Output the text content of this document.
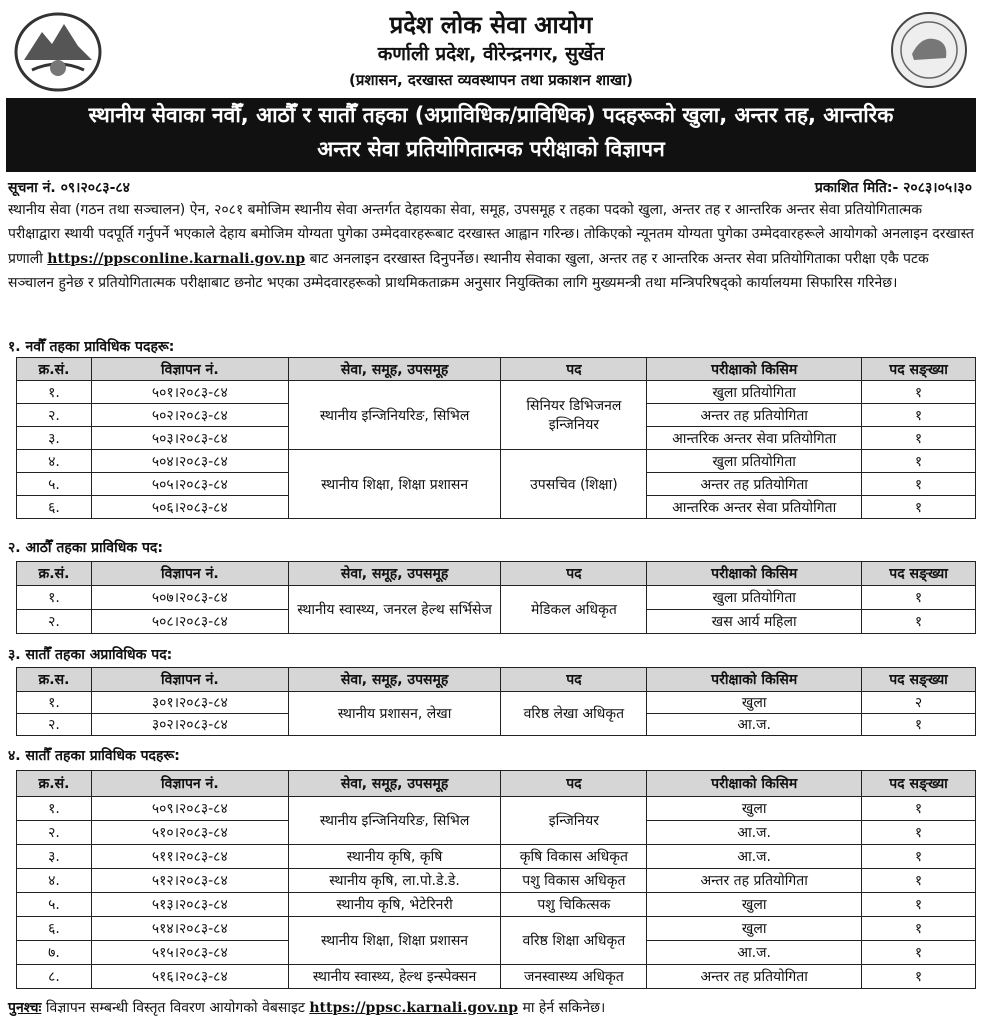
प्रदेश लोक सेवा आयोग
कर्णाली प्रदेश, वीरेन्द्रनगर, सुर्खेत
(प्रशासन, दरखास्त व्यवस्थापन तथा प्रकाशन शाखा)
स्थानीय सेवाका नवौँ, आठौँ र सातौँ तहका (अप्राविधिक/प्राविधिक) पदहरूको खुला, अन्तर तह, आन्तरिक
अन्तर सेवा प्रतियोगितात्मक परीक्षाको विज्ञापन
सूचना नं. ०९।२०८३-८४	प्रकाशित मिति:- २०८३।०५।३०
स्थानीय सेवा (गठन तथा सञ्चालन) ऐन, २०८१ बमोजिम स्थानीय सेवा अन्तर्गत देहायका सेवा, समूह, उपसमूह र तहका पदको खुला, अन्तर तह र आन्तरिक अन्तर सेवा प्रतियोगितात्मक परीक्षाद्वारा स्थायी पदपूर्ति गर्नुपर्ने भएकाले देहाय बमोजिम योग्यता पुगेका उम्मेदवारहरूबाट दरखास्त आह्वान गरिन्छ। तोकिएको न्यूनतम योग्यता पुगेका उम्मेदवारहरूले आयोगको अनलाइन दरखास्त प्रणाली https://ppsconline.karnali.gov.np बाट अनलाइन दरखास्त दिनुपर्नेछ। स्थानीय सेवाका खुला, अन्तर तह र आन्तरिक अन्तर सेवा प्रतियोगिताका परीक्षा एकै पटक सञ्चालन हुनेछ र प्रतियोगितात्मक परीक्षाबाट छनोट भएका उम्मेदवारहरूको प्राथमिकताक्रम अनुसार नियुक्तिका लागि मुख्यमन्त्री तथा मन्त्रिपरिषद्को कार्यालयमा सिफारिस गरिनेछ।
१. नवौँ तहका प्राविधिक पदहरू:
क्र.सं.	विज्ञापन नं.	सेवा, समूह, उपसमूह	पद	परीक्षाको किसिम	पद सङ्ख्या
१.	५०१।२०८३-८४	स्थानीय इन्जिनियरिङ, सिभिल	सिनियर डिभिजनल इन्जिनियर	खुला प्रतियोगिता	१
२.	५०२।२०८३-८४			अन्तर तह प्रतियोगिता	१
३.	५०३।२०८३-८४			आन्तरिक अन्तर सेवा प्रतियोगिता	१
४.	५०४।२०८३-८४	स्थानीय शिक्षा, शिक्षा प्रशासन	उपसचिव (शिक्षा)	खुला प्रतियोगिता	१
५.	५०५।२०८३-८४			अन्तर तह प्रतियोगिता	१
६.	५०६।२०८३-८४			आन्तरिक अन्तर सेवा प्रतियोगिता	१
२. आठौँ तहका प्राविधिक पद:
क्र.सं.	विज्ञापन नं.	सेवा, समूह, उपसमूह	पद	परीक्षाको किसिम	पद सङ्ख्या
१.	५०७।२०८३-८४	स्थानीय स्वास्थ्य, जनरल हेल्थ सर्भिसेज	मेडिकल अधिकृत	खुला प्रतियोगिता	१
२.	५०८।२०८३-८४			खस आर्य महिला	१
३. सातौँ तहका अप्राविधिक पद:
क्र.स.	विज्ञापन नं.	सेवा, समूह, उपसमूह	पद	परीक्षाको किसिम	पद सङ्ख्या
१.	३०१।२०८३-८४	स्थानीय प्रशासन, लेखा	वरिष्ठ लेखा अधिकृत	खुला	२
२.	३०२।२०८३-८४			आ.ज.	१
४. सातौँ तहका प्राविधिक पदहरू:
क्र.सं.	विज्ञापन नं.	सेवा, समूह, उपसमूह	पद	परीक्षाको किसिम	पद सङ्ख्या
१.	५०९।२०८३-८४	स्थानीय इन्जिनियरिङ, सिभिल	इन्जिनियर	खुला	१
२.	५१०।२०८३-८४			आ.ज.	१
३.	५११।२०८३-८४	स्थानीय कृषि, कृषि	कृषि विकास अधिकृत	आ.ज.	१
४.	५१२।२०८३-८४	स्थानीय कृषि, ला.पो.डे.डे.	पशु विकास अधिकृत	अन्तर तह प्रतियोगिता	१
५.	५१३।२०८३-८४	स्थानीय कृषि, भेटेरिनरी	पशु चिकित्सक	खुला	१
६.	५१४।२०८३-८४	स्थानीय शिक्षा, शिक्षा प्रशासन	वरिष्ठ शिक्षा अधिकृत	खुला	१
७.	५१५।२०८३-८४			आ.ज.	१
८.	५१६।२०८३-८४	स्थानीय स्वास्थ्य, हेल्थ इन्स्पेक्सन	जनस्वास्थ्य अधिकृत	अन्तर तह प्रतियोगिता	१
पुनश्चः विज्ञापन सम्बन्धी विस्तृत विवरण आयोगको वेबसाइट https://ppsc.karnali.gov.np मा हेर्न सकिनेछ।
